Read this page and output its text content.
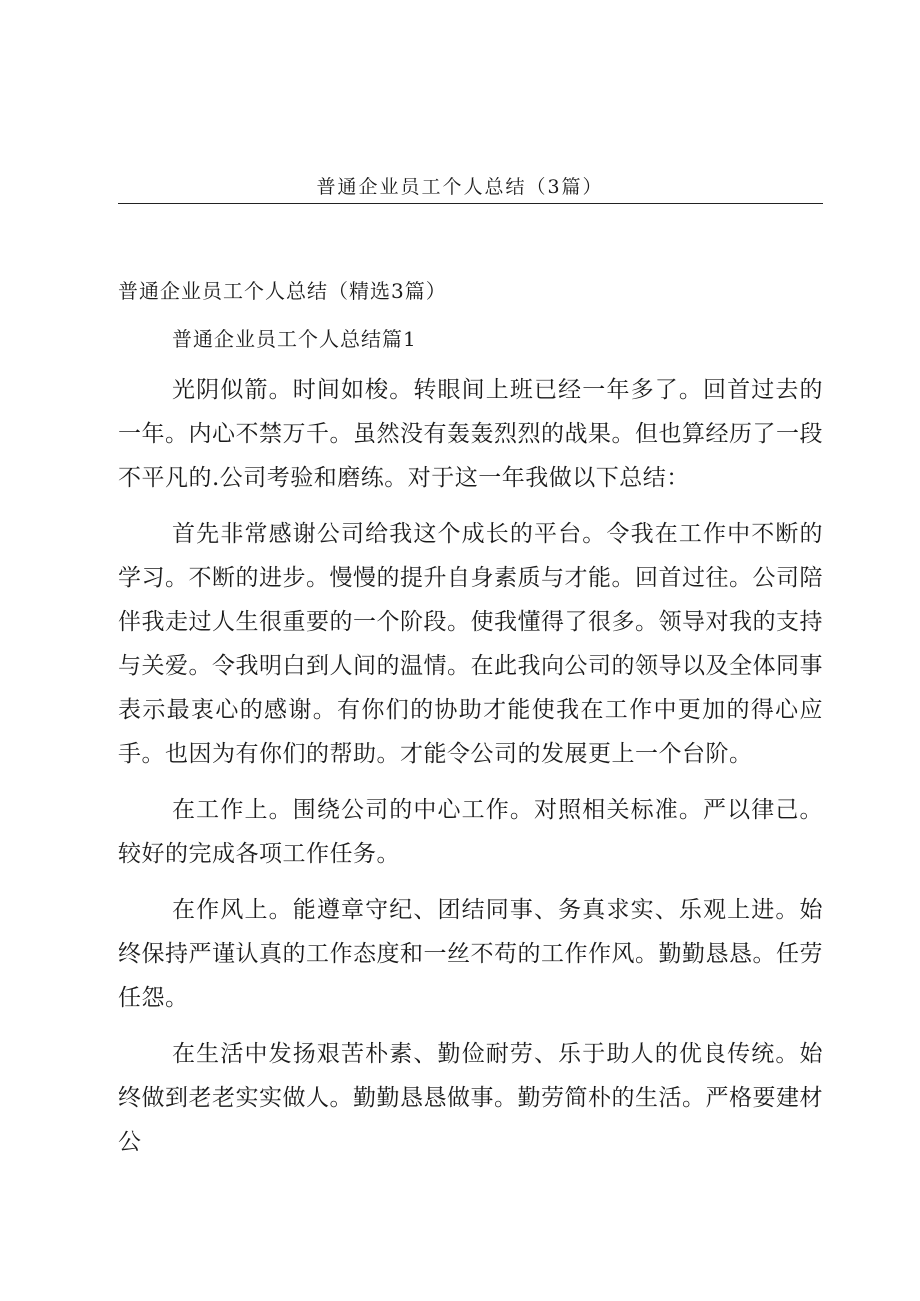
普通企业员工个人总结（3篇）
普通企业员工个人总结（精选3篇）
普通企业员工个人总结篇1

光阴似箭。时间如梭。转眼间上班已经一年多了。回首过去的一年。内心不禁万千。虽然没有轰轰烈烈的战果。但也算经历了一段不平凡的.公司考验和磨练。对于这一年我做以下总结：

首先非常感谢公司给我这个成长的平台。令我在工作中不断的学习。不断的进步。慢慢的提升自身素质与才能。回首过往。公司陪伴我走过人生很重要的一个阶段。使我懂得了很多。领导对我的支持与关爱。令我明白到人间的温情。在此我向公司的领导以及全体同事表示最衷心的感谢。有你们的协助才能使我在工作中更加的得心应手。也因为有你们的帮助。才能令公司的发展更上一个台阶。

在工作上。围绕公司的中心工作。对照相关标准。严以律己。较好的完成各项工作任务。

在作风上。能遵章守纪、团结同事、务真求实、乐观上进。始终保持严谨认真的工作态度和一丝不苟的工作作风。勤勤恳恳。任劳任怨。

在生活中发扬艰苦朴素、勤俭耐劳、乐于助人的优良传统。始终做到老老实实做人。勤勤恳恳做事。勤劳简朴的生活。严格要建材公
